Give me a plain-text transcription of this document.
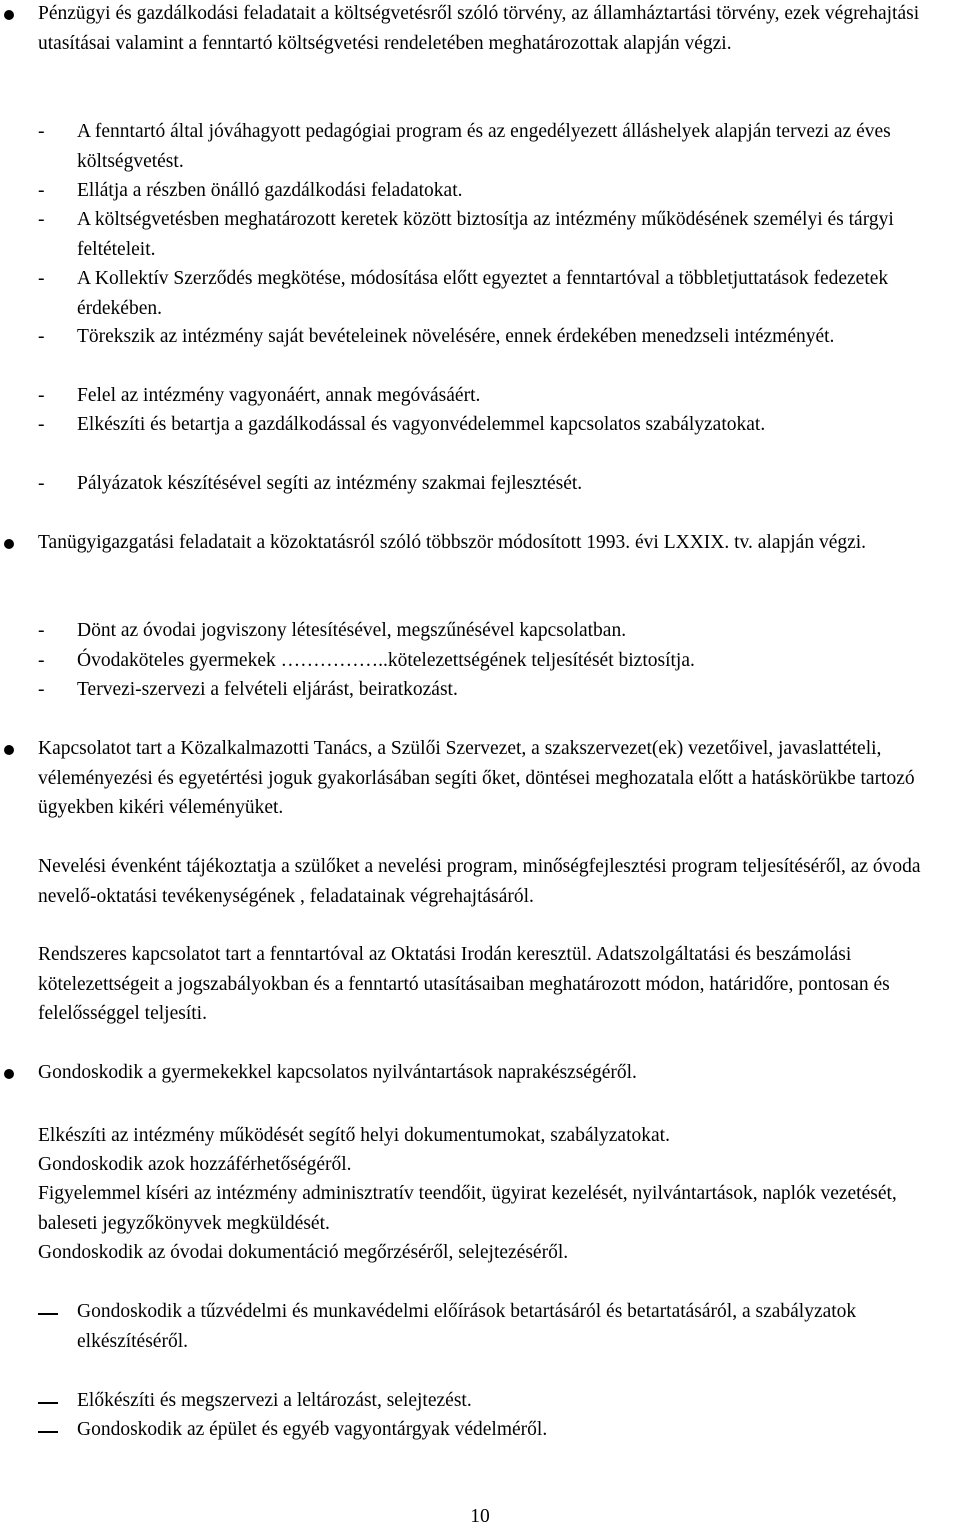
Pénzügyi és gazdálkodási feladatait a költségvetésről szóló törvény, az államháztartási törvény, ezek végrehajtási utasításai valamint a fenntartó költségvetési rendeletében meghatározottak alapján végzi.

-	A fenntartó által jóváhagyott pedagógiai program és az engedélyezett álláshelyek alapján tervezi az éves költségvetést.

-	Ellátja a részben önálló gazdálkodási feladatokat.

-	A költségvetésben meghatározott keretek között biztosítja az intézmény működésének személyi és tárgyi feltételeit.

-	A Kollektív Szerződés megkötése, módosítása előtt egyeztet a fenntartóval a többletjuttatások fedezetek érdekében.

-	Törekszik az intézmény saját bevételeinek növelésére, ennek érdekében menedzseli intézményét.

-	Felel az intézmény vagyonáért, annak megóvásáért.

-	Elkészíti és betartja a gazdálkodással és vagyonvédelemmel kapcsolatos szabályzatokat.

-	Pályázatok készítésével segíti az intézmény szakmai fejlesztését.

Tanügyigazgatási feladatait a közoktatásról szóló többször módosított 1993. évi LXXIX. tv. alapján végzi.

-	Dönt az óvodai jogviszony létesítésével, megszűnésével kapcsolatban.

-	Óvodaköteles gyermekek ……………..kötelezettségének teljesítését biztosítja.

-	Tervezi-szervezi a felvételi eljárást, beiratkozást.

Kapcsolatot tart a Közalkalmazotti Tanács, a Szülői Szervezet, a szakszervezet(ek) vezetőivel, javaslattételi, véleményezési és egyetértési joguk gyakorlásában segíti őket, döntései meghozatala előtt a hatáskörükbe tartozó ügyekben kikéri véleményüket.

Nevelési évenként tájékoztatja a szülőket a nevelési program, minőségfejlesztési program teljesítéséről, az óvoda nevelő-oktatási tevékenységének , feladatainak végrehajtásáról.

Rendszeres kapcsolatot tart a fenntartóval az Oktatási Irodán keresztül. Adatszolgáltatási és beszámolási kötelezettségeit a jogszabályokban és a fenntartó utasításaiban meghatározott módon, határidőre, pontosan és felelősséggel teljesíti.

Gondoskodik a gyermekekkel kapcsolatos nyilvántartások naprakészségéről.

Elkészíti az intézmény működését segítő helyi dokumentumokat, szabályzatokat.

Gondoskodik azok hozzáférhetőségéről.

Figyelemmel kíséri az intézmény adminisztratív teendőit, ügyirat kezelését, nyilvántartások, naplók vezetését, baleseti jegyzőkönyvek megküldését.

Gondoskodik az óvodai dokumentáció megőrzéséről, selejtezéséről.

Gondoskodik a tűzvédelmi és munkavédelmi előírások betartásáról és betartatásáról, a szabályzatok elkészítéséről.

Előkészíti és megszervezi a leltározást, selejtezést.

Gondoskodik az épület és egyéb vagyontárgyak védelméről.

10
